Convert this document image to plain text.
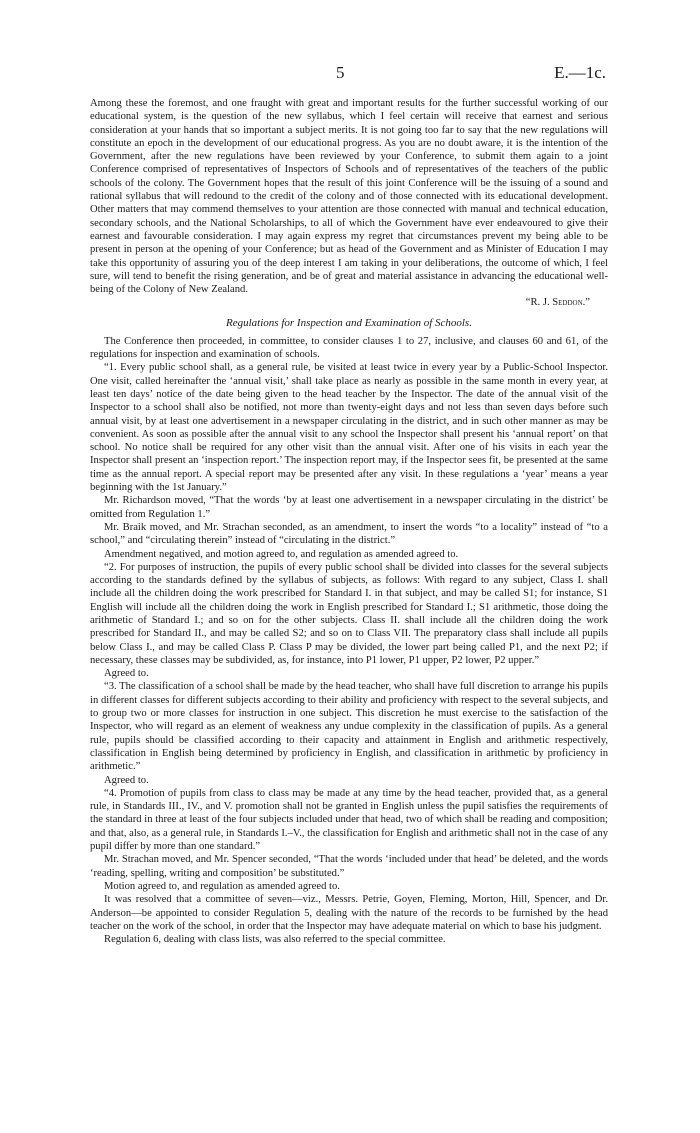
5	E.—1c.

Among these the foremost, and one fraught with great and important results for the further successful working of our educational system, is the question of the new syllabus, which I feel certain will receive that earnest and serious consideration at your hands that so important a subject merits. It is not going too far to say that the new regulations will constitute an epoch in the development of our educational progress. As you are no doubt aware, it is the intention of the Government, after the new regulations have been reviewed by your Conference, to submit them again to a joint Conference comprised of representatives of Inspectors of Schools and of representatives of the teachers of the public schools of the colony. The Government hopes that the result of this joint Conference will be the issuing of a sound and rational syllabus that will redound to the credit of the colony and of those connected with its educational development. Other matters that may commend themselves to your attention are those connected with manual and technical education, secondary schools, and the National Scholarships, to all of which the Government have ever endeavoured to give their earnest and favourable consideration. I may again express my regret that circumstances prevent my being able to be present in person at the opening of your Conference; but as head of the Government and as Minister of Education I may take this opportunity of assuring you of the deep interest I am taking in your deliberations, the outcome of which, I feel sure, will tend to benefit the rising generation, and be of great and material assistance in advancing the educational well-being of the Colony of New Zealand.

“R. J. Seddon.”

Regulations for Inspection and Examination of Schools.

The Conference then proceeded, in committee, to consider clauses 1 to 27, inclusive, and clauses 60 and 61, of the regulations for inspection and examination of schools.

“1. Every public school shall, as a general rule, be visited at least twice in every year by a Public-School Inspector. One visit, called hereinafter the ‘annual visit,’ shall take place as nearly as possible in the same month in every year, at least ten days’ notice of the date being given to the head teacher by the Inspector. The date of the annual visit of the Inspector to a school shall also be notified, not more than twenty-eight days and not less than seven days before such annual visit, by at least one advertisement in a newspaper circulating in the district, and in such other manner as may be convenient. As soon as possible after the annual visit to any school the Inspector shall present his ‘annual report’ on that school. No notice shall be required for any other visit than the annual visit. After one of his visits in each year the Inspector shall present an ‘inspection report.’ The inspection report may, if the Inspector sees fit, be presented at the same time as the annual report. A special report may be presented after any visit. In these regulations a ‘year’ means a year beginning with the 1st January.”

Mr. Richardson moved, “That the words ‘by at least one advertisement in a newspaper circulating in the district’ be omitted from Regulation 1.”

Mr. Braik moved, and Mr. Strachan seconded, as an amendment, to insert the words “to a locality” instead of “to a school,” and “circulating therein” instead of “circulating in the district.”

Amendment negatived, and motion agreed to, and regulation as amended agreed to.

“2. For purposes of instruction, the pupils of every public school shall be divided into classes for the several subjects according to the standards defined by the syllabus of subjects, as follows: With regard to any subject, Class I. shall include all the children doing the work prescribed for Standard I. in that subject, and may be called S1; for instance, S1 English will include all the children doing the work in English prescribed for Standard I.; S1 arithmetic, those doing the arithmetic of Standard I.; and so on for the other subjects. Class II. shall include all the children doing the work prescribed for Standard II., and may be called S2; and so on to Class VII. The preparatory class shall include all pupils below Class I., and may be called Class P. Class P may be divided, the lower part being called P1, and the next P2; if necessary, these classes may be subdivided, as, for instance, into P1 lower, P1 upper, P2 lower, P2 upper.”

Agreed to.

“3. The classification of a school shall be made by the head teacher, who shall have full discretion to arrange his pupils in different classes for different subjects according to their ability and proficiency with respect to the several subjects, and to group two or more classes for instruction in one subject. This discretion he must exercise to the satisfaction of the Inspector, who will regard as an element of weakness any undue complexity in the classification of pupils. As a general rule, pupils should be classified according to their capacity and attainment in English and arithmetic respectively, classification in English being determined by proficiency in English, and classification in arithmetic by proficiency in arithmetic.”

Agreed to.

“4. Promotion of pupils from class to class may be made at any time by the head teacher, provided that, as a general rule, in Standards III., IV., and V. promotion shall not be granted in English unless the pupil satisfies the requirements of the standard in three at least of the four subjects included under that head, two of which shall be reading and composition; and that, also, as a general rule, in Standards I.–V., the classification for English and arithmetic shall not in the case of any pupil differ by more than one standard.”

Mr. Strachan moved, and Mr. Spencer seconded, “That the words ‘included under that head’ be deleted, and the words ‘reading, spelling, writing and composition’ be substituted.”

Motion agreed to, and regulation as amended agreed to.

It was resolved that a committee of seven—viz., Messrs. Petrie, Goyen, Fleming, Morton, Hill, Spencer, and Dr. Anderson—be appointed to consider Regulation 5, dealing with the nature of the records to be furnished by the head teacher on the work of the school, in order that the Inspector may have adequate material on which to base his judgment.

Regulation 6, dealing with class lists, was also referred to the special committee.
